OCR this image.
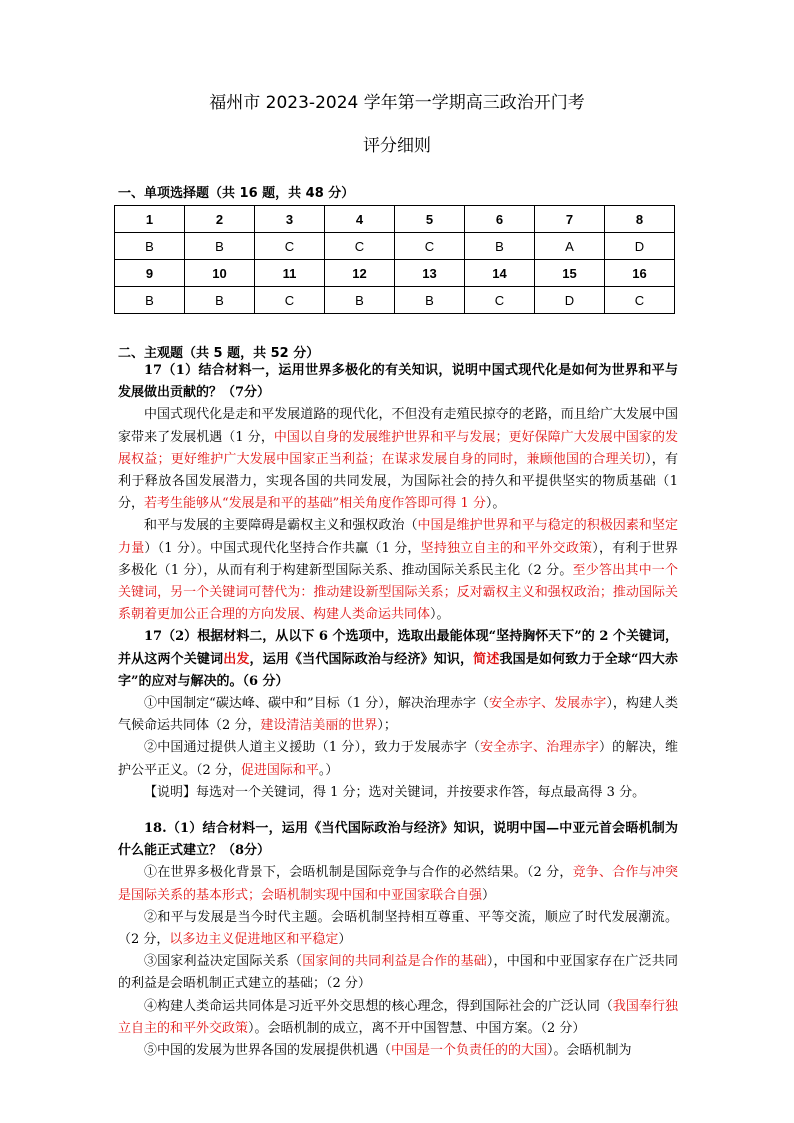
福州市 2023-2024 学年第一学期高三政治开门考
评分细则
一、单项选择题（共 16 题，共 48 分）
1	2	3	4	5	6	7	8
B	B	C	C	C	B	A	D
9	10	11	12	13	14	15	16
B	B	C	B	B	C	D	C
二、主观题（共 5 题，共 52 分）

17（1）结合材料一，运用世界多极化的有关知识，说明中国式现代化是如何为世界和平与发展做出贡献的？（7分）

中国式现代化是走和平发展道路的现代化，不但没有走殖民掠夺的老路，而且给广大发展中国家带来了发展机遇（1 分，中国以自身的发展维护世界和平与发展；更好保障广大发展中国家的发展权益；更好维护广大发展中国家正当利益；在谋求发展自身的同时，兼顾他国的合理关切），有利于释放各国发展潜力，实现各国的共同发展，为国际社会的持久和平提供坚实的物质基础（1 分，若考生能够从“发展是和平的基础”相关角度作答即可得 1 分）。

和平与发展的主要障碍是霸权主义和强权政治（中国是维护世界和平与稳定的积极因素和坚定力量）（1 分）。中国式现代化坚持合作共赢（1 分，坚持独立自主的和平外交政策），有利于世界多极化（1 分），从而有利于构建新型国际关系、推动国际关系民主化（2 分。至少答出其中一个关键词，另一个关键词可替代为：推动建设新型国际关系；反对霸权主义和强权政治；推动国际关系朝着更加公正合理的方向发展、构建人类命运共同体）。

17（2）根据材料二，从以下 6 个选项中，选取出最能体现“坚持胸怀天下”的 2 个关键词，并从这两个关键词出发，运用《当代国际政治与经济》知识，简述我国是如何致力于全球“四大赤字”的应对与解决的。（6 分）

①中国制定“碳达峰、碳中和”目标（1 分），解决治理赤字（安全赤字、发展赤字），构建人类气候命运共同体（2 分，建设清洁美丽的世界）；

②中国通过提供人道主义援助（1 分），致力于发展赤字（安全赤字、治理赤字）的解决，维护公平正义。（2 分，促进国际和平。）

【说明】每选对一个关键词，得 1 分；选对关键词，并按要求作答，每点最高得 3 分。

18.（1）结合材料一，运用《当代国际政治与经济》知识，说明中国—中亚元首会晤机制为什么能正式建立？（8分）

①在世界多极化背景下，会晤机制是国际竞争与合作的必然结果。（2 分，竞争、合作与冲突是国际关系的基本形式；会晤机制实现中国和中亚国家联合自强）

②和平与发展是当今时代主题。会晤机制坚持相互尊重、平等交流，顺应了时代发展潮流。（2 分，以多边主义促进地区和平稳定）

③国家利益决定国际关系（国家间的共同利益是合作的基础），中国和中亚国家存在广泛共同的利益是会晤机制正式建立的基础；（2 分）

④构建人类命运共同体是习近平外交思想的核心理念，得到国际社会的广泛认同（我国奉行独立自主的和平外交政策）。会晤机制的成立，离不开中国智慧、中国方案。（2 分）

⑤中国的发展为世界各国的发展提供机遇（中国是一个负责任的的大国）。会晤机制为
